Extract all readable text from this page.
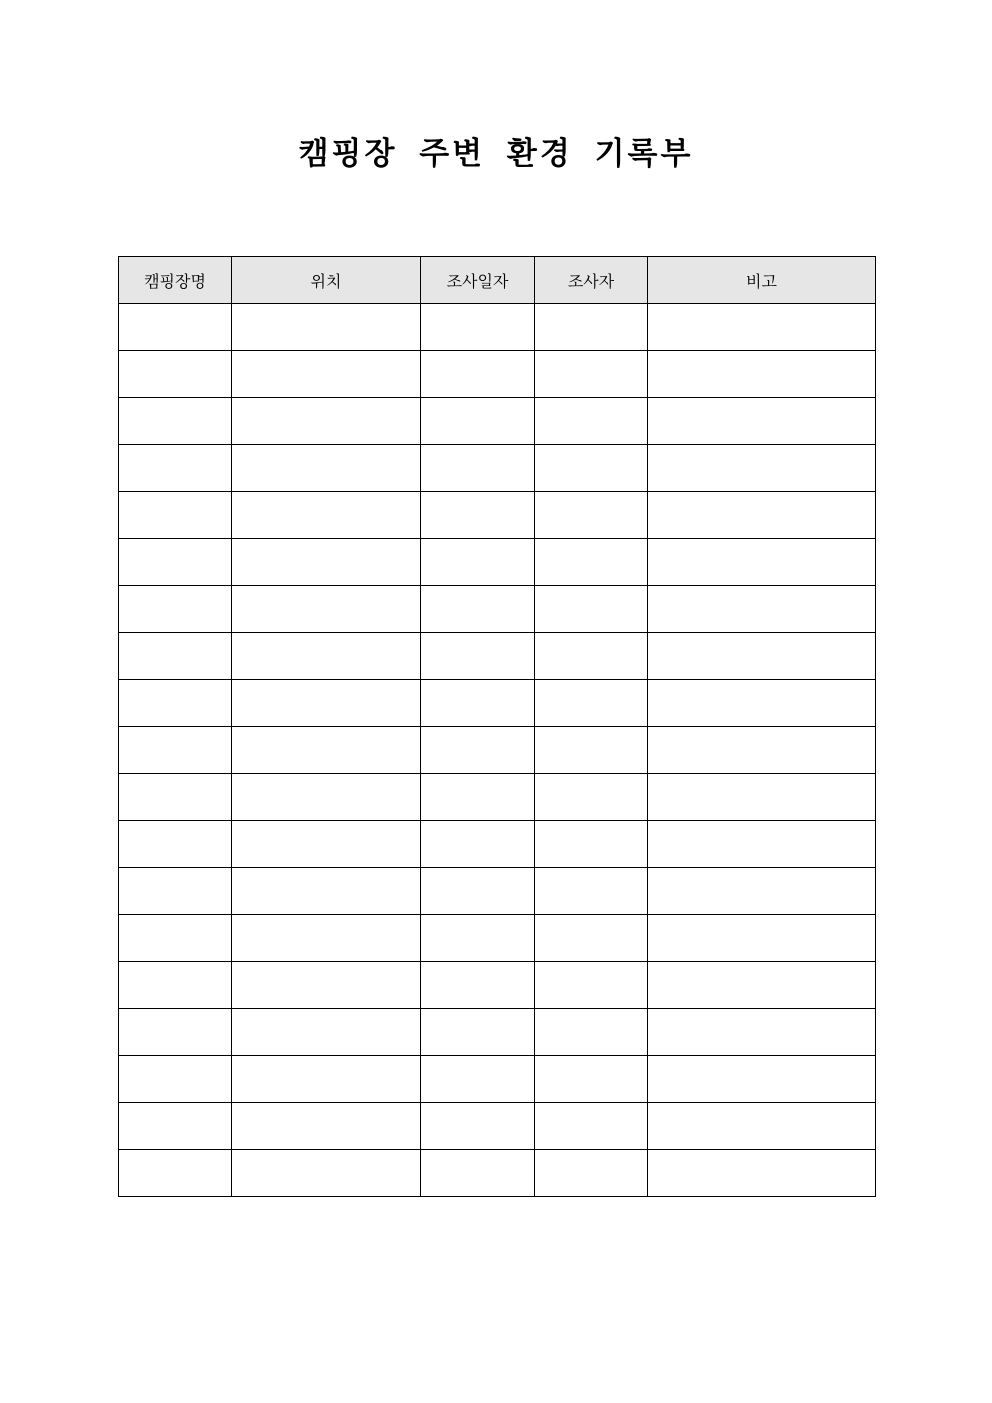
캠핑장 주변 환경 기록부
캠핑장명	위치	조사일자	조사자	비고
